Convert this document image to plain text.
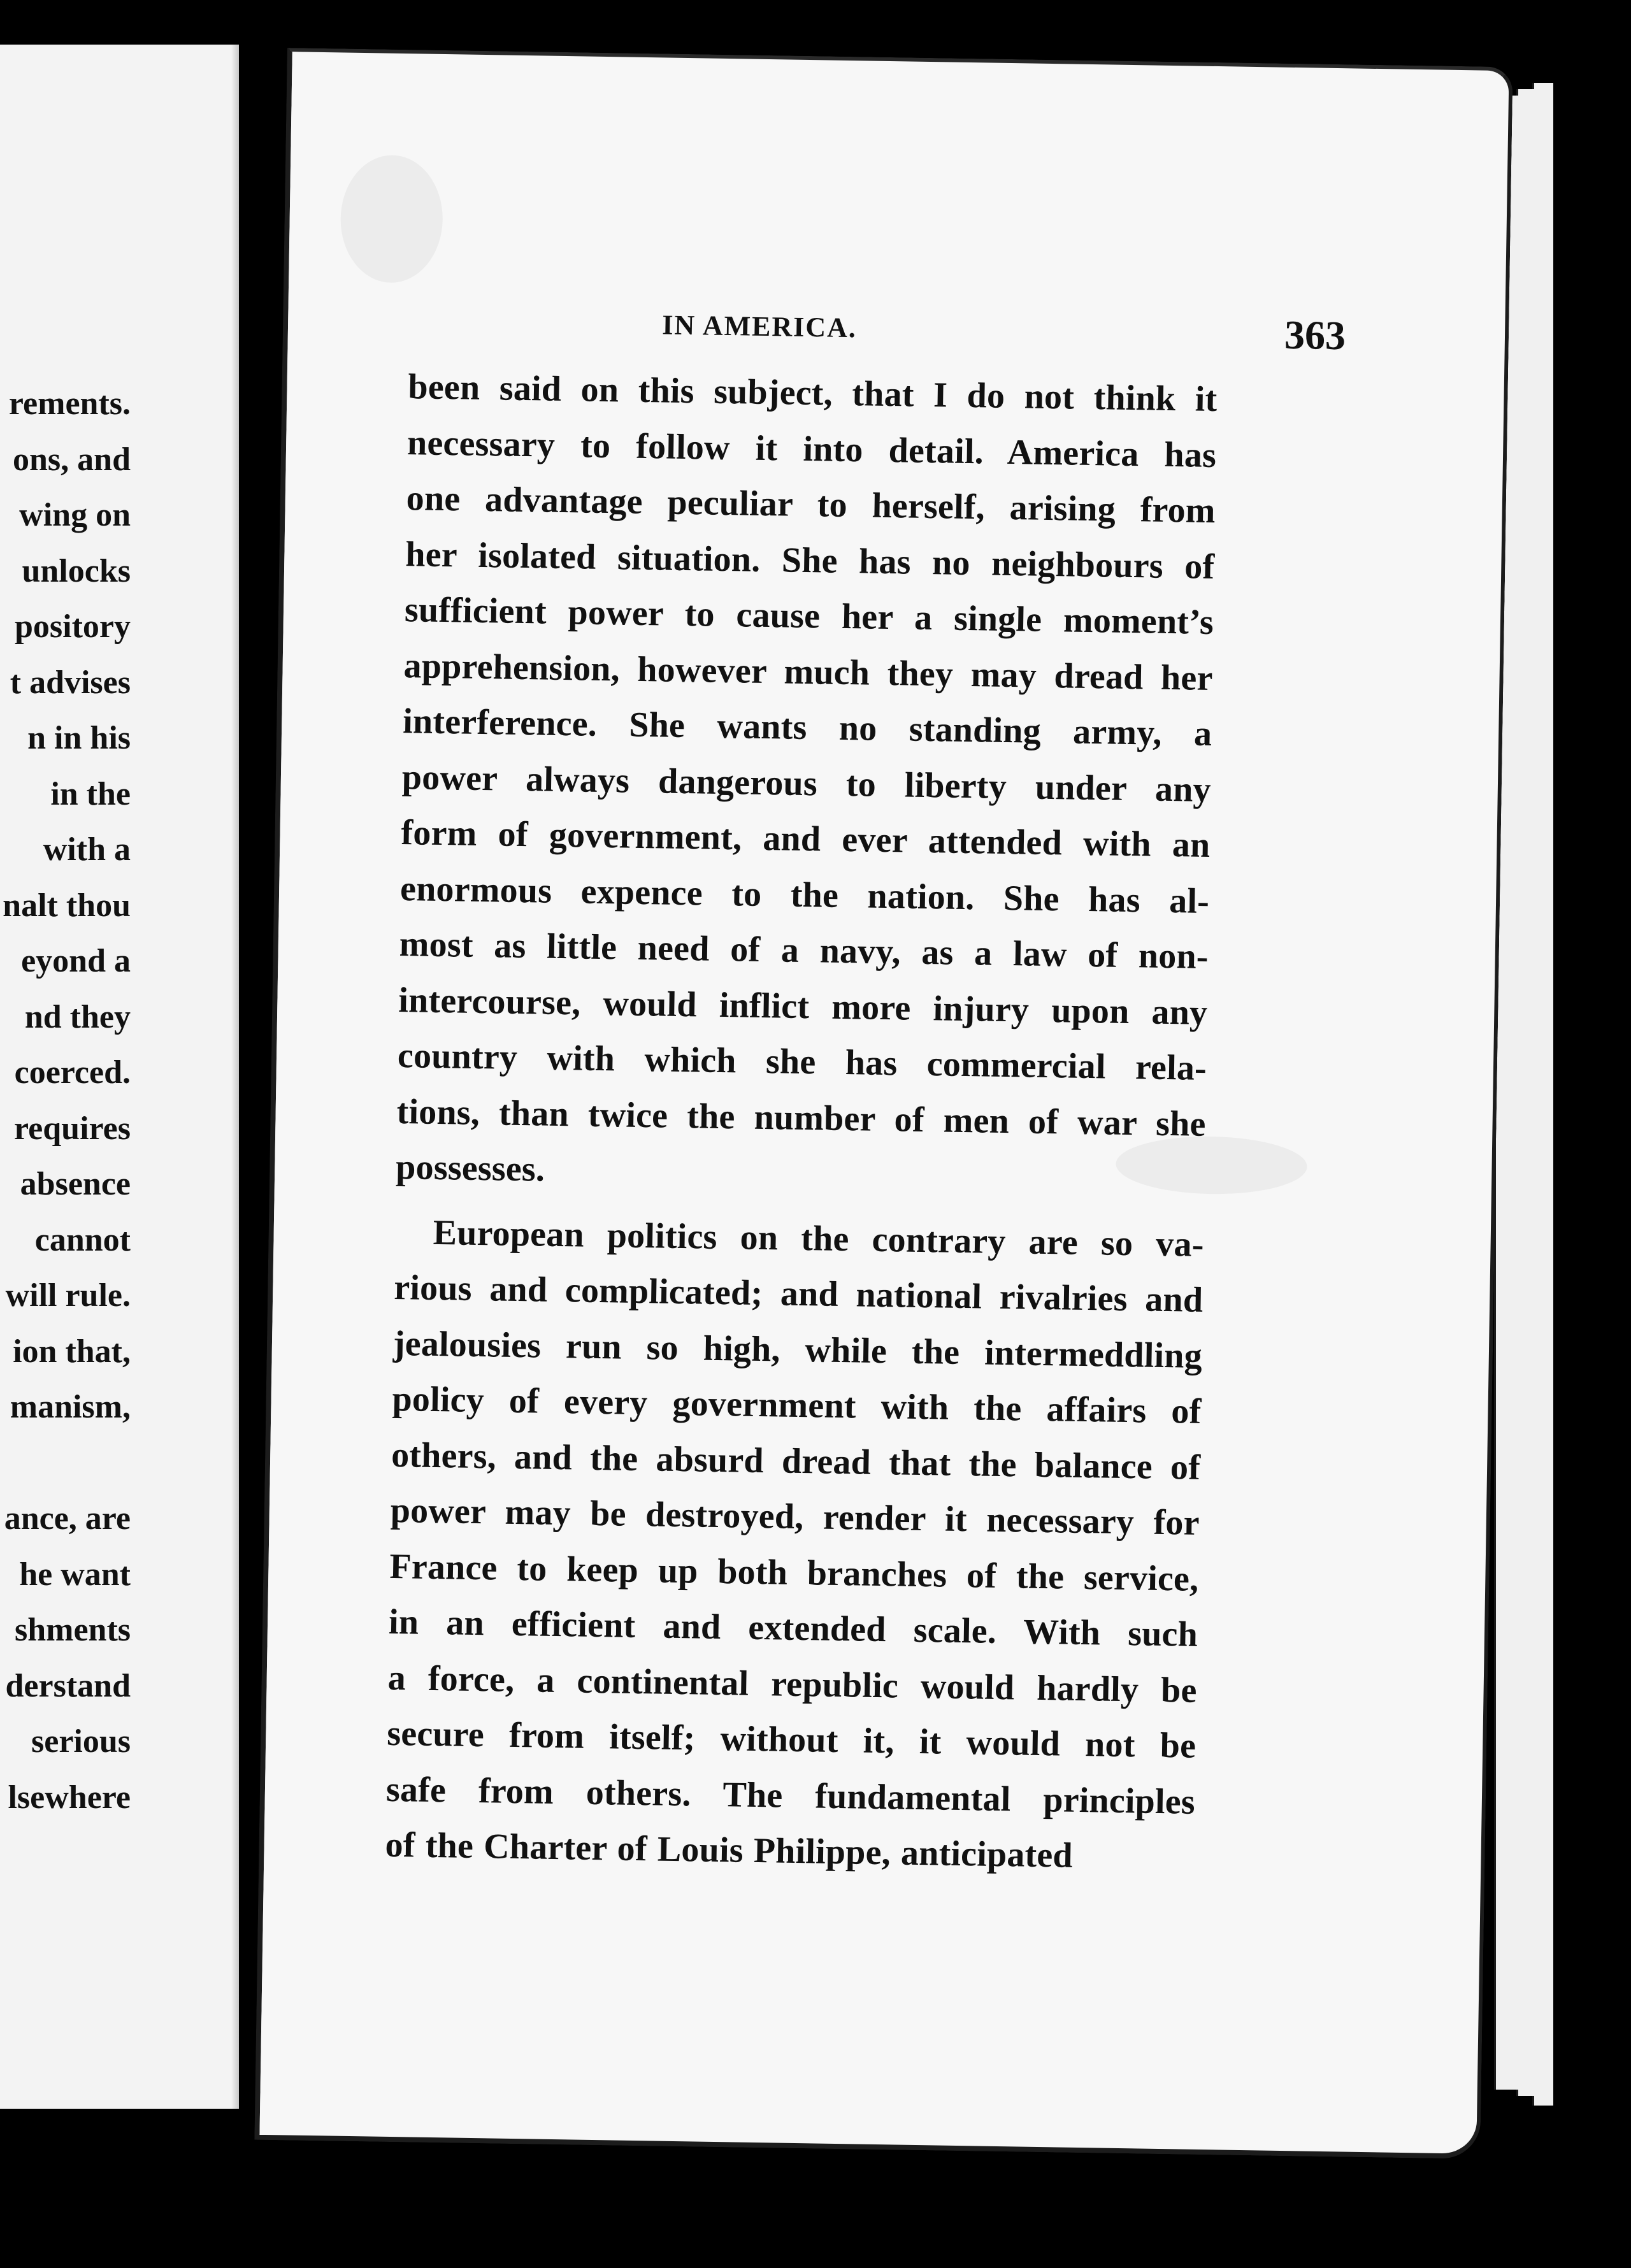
rements.
ons, and
wing on
unlocks
pository
t advises
n in his
in the
with a
nalt thou
eyond a
nd they
coerced.
requires
absence
cannot
will rule.
ion that,
manism,

ance, are
he want
shments
derstand
serious
lsewhere
IN AMERICA.	363
been said on this subject, that I do not think it
necessary to follow it into detail. America has
one advantage peculiar to herself, arising from
her isolated situation. She has no neighbours of
sufficient power to cause her a single moment’s
apprehension, however much they may dread her
interference. She wants no standing army, a
power always dangerous to liberty under any
form of government, and ever attended with an
enormous expence to the nation. She has al-
most as little need of a navy, as a law of non-
intercourse, would inflict more injury upon any
country with which she has commercial rela-
tions, than twice the number of men of war she
possesses.
European politics on the contrary are so va-
rious and complicated; and national rivalries and
jealousies run so high, while the intermeddling
policy of every government with the affairs of
others, and the absurd dread that the balance of
power may be destroyed, render it necessary for
France to keep up both branches of the service,
in an efficient and extended scale. With such
a force, a continental republic would hardly be
secure from itself; without it, it would not be
safe from others. The fundamental principles
of the Charter of Louis Philippe, anticipated
